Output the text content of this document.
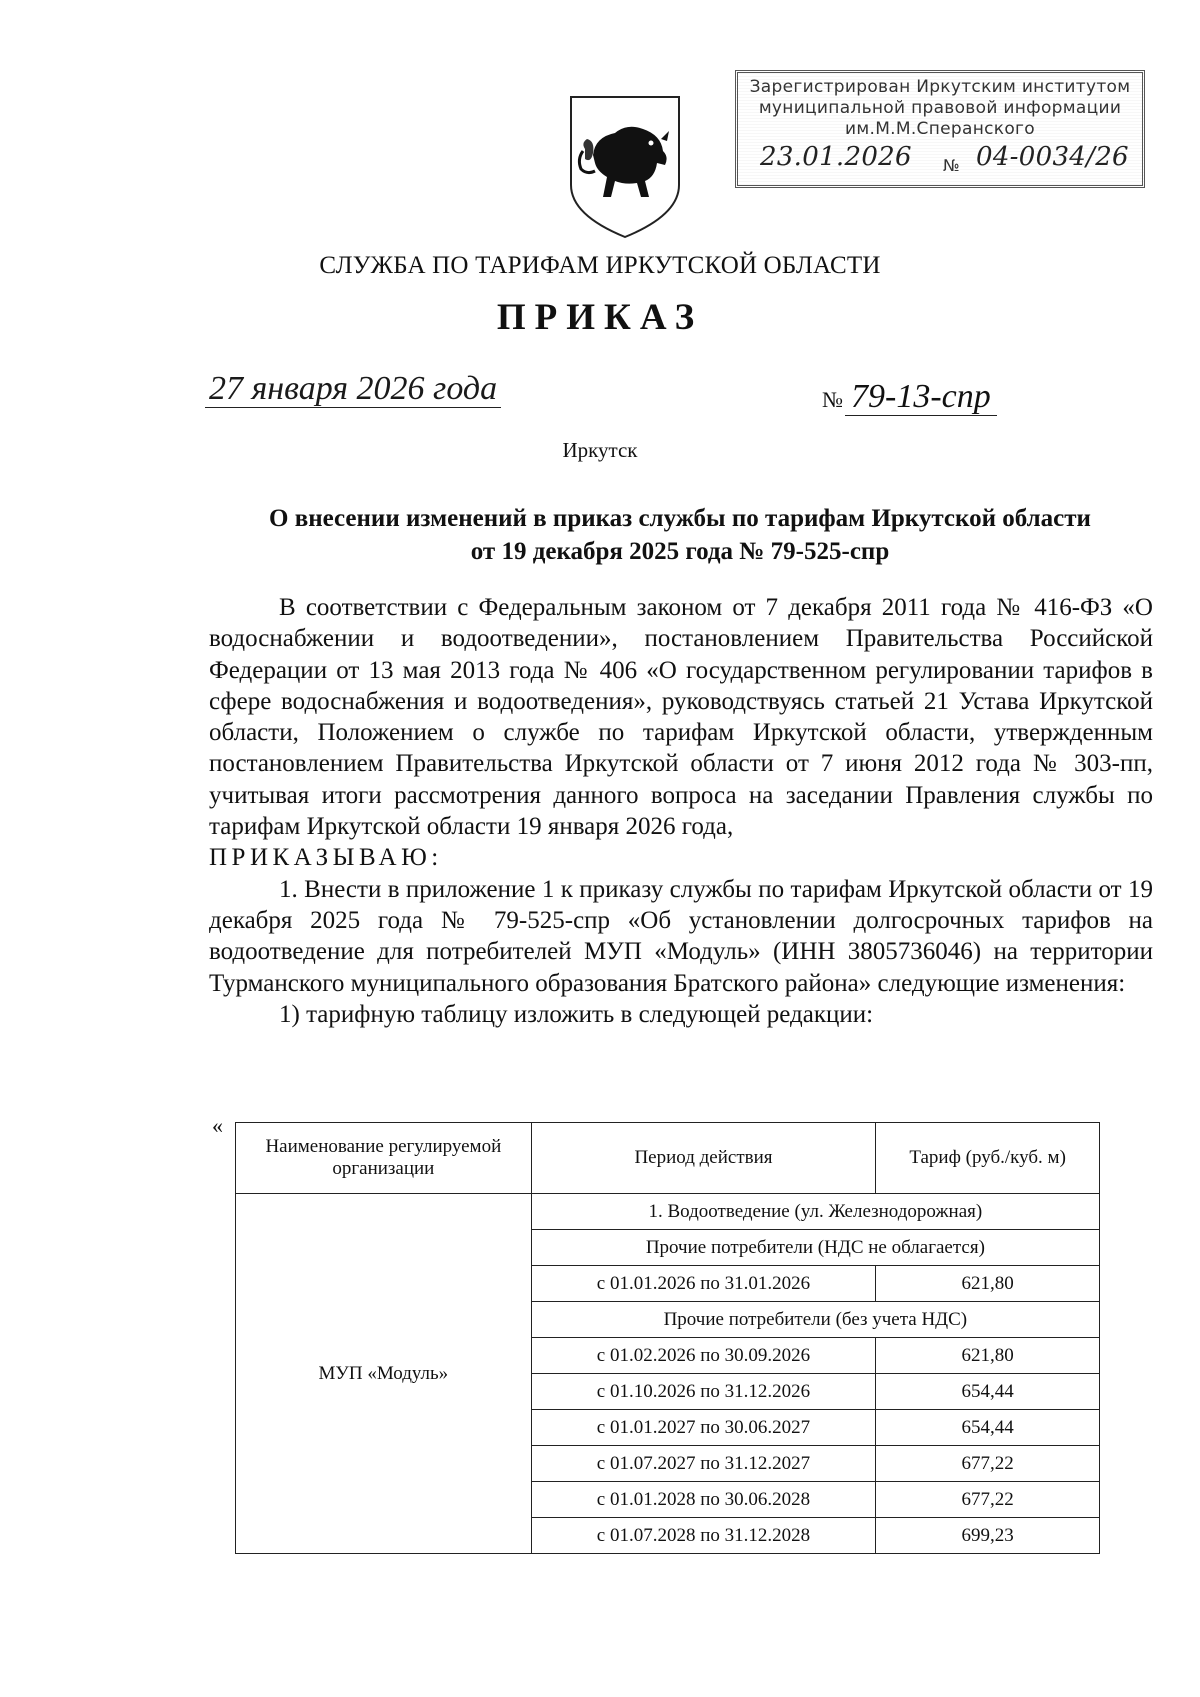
Зарегистрирован Иркутским институтом
муниципальной правовой информации
им.М.М.Сперанского
23.01.2026 № 04-0034/26
СЛУЖБА ПО ТАРИФАМ ИРКУТСКОЙ ОБЛАСТИ
ПРИКАЗ
27 января 2026 года	№ 79-13-спр
Иркутск
О внесении изменений в приказ службы по тарифам Иркутской области
от 19 декабря 2025 года № 79-525-спр

В соответствии с Федеральным законом от 7 декабря 2011 года № 416-ФЗ «О водоснабжении и водоотведении», постановлением Правительства Российской Федерации от 13 мая 2013 года № 406 «О государственном регулировании тарифов в сфере водоснабжения и водоотведения», руководствуясь статьей 21 Устава Иркутской области, Положением о службе по тарифам Иркутской области, утвержденным постановлением Правительства Иркутской области от 7 июня 2012 года № 303-пп, учитывая итоги рассмотрения данного вопроса на заседании Правления службы по тарифам Иркутской области 19 января 2026 года,

ПРИКАЗЫВАЮ:

1. Внести в приложение 1 к приказу службы по тарифам Иркутской области от 19 декабря 2025 года № 79-525-спр «Об установлении долгосрочных тарифов на водоотведение для потребителей МУП «Модуль» (ИНН 3805736046) на территории Турманского муниципального образования Братского района» следующие изменения:

1) тарифную таблицу изложить в следующей редакции:

«
Наименование регулируемой организации	Период действия	Тариф (руб./куб. м)
МУП «Модуль»	1. Водоотведение (ул. Железнодорожная)	
	Прочие потребители (НДС не облагается)	
	с 01.01.2026 по 31.01.2026	621,80
	Прочие потребители (без учета НДС)	
	с 01.02.2026 по 30.09.2026	621,80
	с 01.10.2026 по 31.12.2026	654,44
	с 01.01.2027 по 30.06.2027	654,44
	с 01.07.2027 по 31.12.2027	677,22
	с 01.01.2028 по 30.06.2028	677,22
	с 01.07.2028 по 31.12.2028	699,23
